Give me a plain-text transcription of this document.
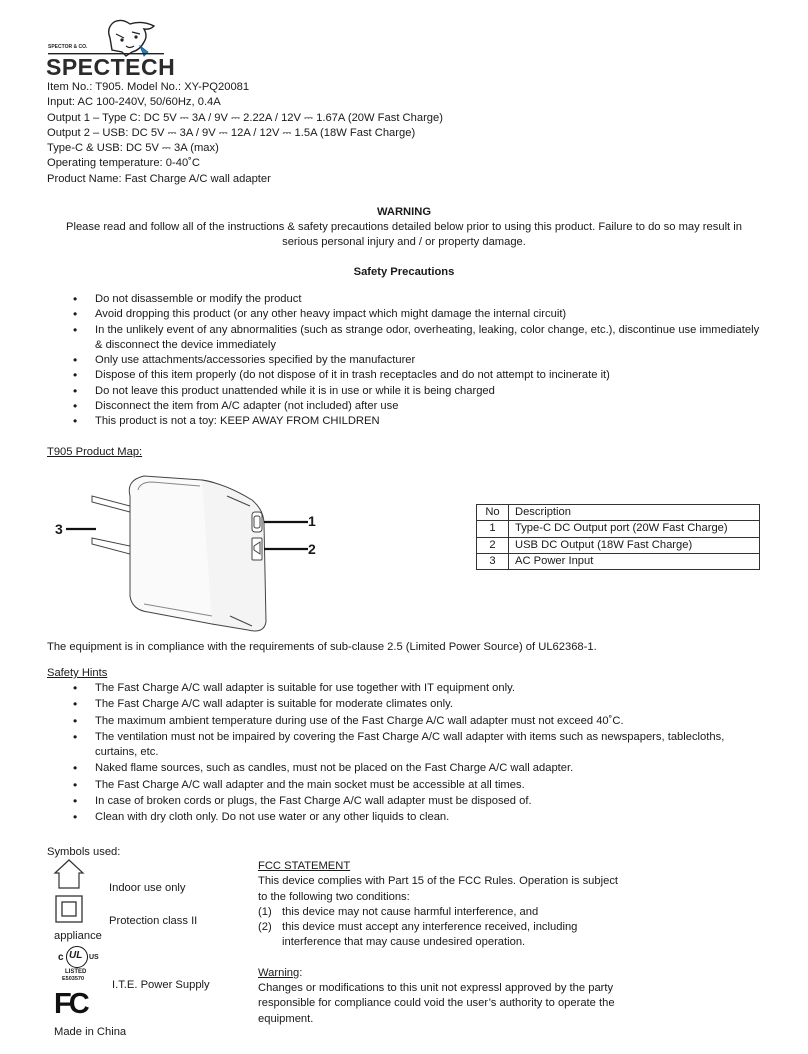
SPECTOR & CO.
SPECTECH
Item No.: T905. Model No.: XY-PQ20081
Input: AC 100-240V, 50/60Hz, 0.4A
Output 1 – Type C: DC 5V ⎓ 3A / 9V ⎓ 2.22A / 12V ⎓ 1.67A (20W Fast Charge)
Output 2 – USB: DC 5V ⎓ 3A / 9V ⎓ 12A / 12V ⎓ 1.5A (18W Fast Charge)
Type-C & USB: DC 5V ⎓ 3A (max)
Operating temperature: 0-40˚C
Product Name: Fast Charge A/C wall adapter
WARNING
Please read and follow all of the instructions & safety precautions detailed below prior to using this product. Failure to do so may result in
serious personal injury and / or property damage.
Safety Precautions
• Do not disassemble or modify the product
• Avoid dropping this product (or any other heavy impact which might damage the internal circuit)
• In the unlikely event of any abnormalities (such as strange odor, overheating, leaking, color change, etc.), discontinue use immediately & disconnect the device immediately
• Only use attachments/accessories specified by the manufacturer
• Dispose of this item properly (do not dispose of it in trash receptacles and do not attempt to incinerate it)
• Do not leave this product unattended while it is in use or while it is being charged
• Disconnect the item from A/C adapter (not included) after use
• This product is not a toy: KEEP AWAY FROM CHILDREN
T905 Product Map:
1
2
3
No	Description
1	Type-C DC Output port (20W Fast Charge)
2	USB DC Output (18W Fast Charge)
3	AC Power Input
The equipment is in compliance with the requirements of sub-clause 2.5 (Limited Power Source) of UL62368-1.
Safety Hints
• The Fast Charge A/C wall adapter is suitable for use together with IT equipment only.
• The Fast Charge A/C wall adapter is suitable for moderate climates only.
• The maximum ambient temperature during use of the Fast Charge A/C wall adapter must not exceed 40˚C.
• The ventilation must not be impaired by covering the Fast Charge A/C wall adapter with items such as newspapers, tablecloths, curtains, etc.
• Naked flame sources, such as candles, must not be placed on the Fast Charge A/C wall adapter.
• The Fast Charge A/C wall adapter and the main socket must be accessible at all times.
• In case of broken cords or plugs, the Fast Charge A/C wall adapter must be disposed of.
• Clean with dry cloth only. Do not use water or any other liquids to clean.
Symbols used:
Indoor use only
Protection class II
appliance
c UL US
LISTED
E503570 I.T.E. Power Supply
FC
Made in China
FCC STATEMENT
This device complies with Part 15 of the FCC Rules. Operation is subject
to the following two conditions:
(1) this device may not cause harmful interference, and
(2) this device must accept any interference received, including
interference that may cause undesired operation.
Warning:
Changes or modifications to this unit not expressl approved by the party
responsible for compliance could void the user’s authority to operate the
equipment.
